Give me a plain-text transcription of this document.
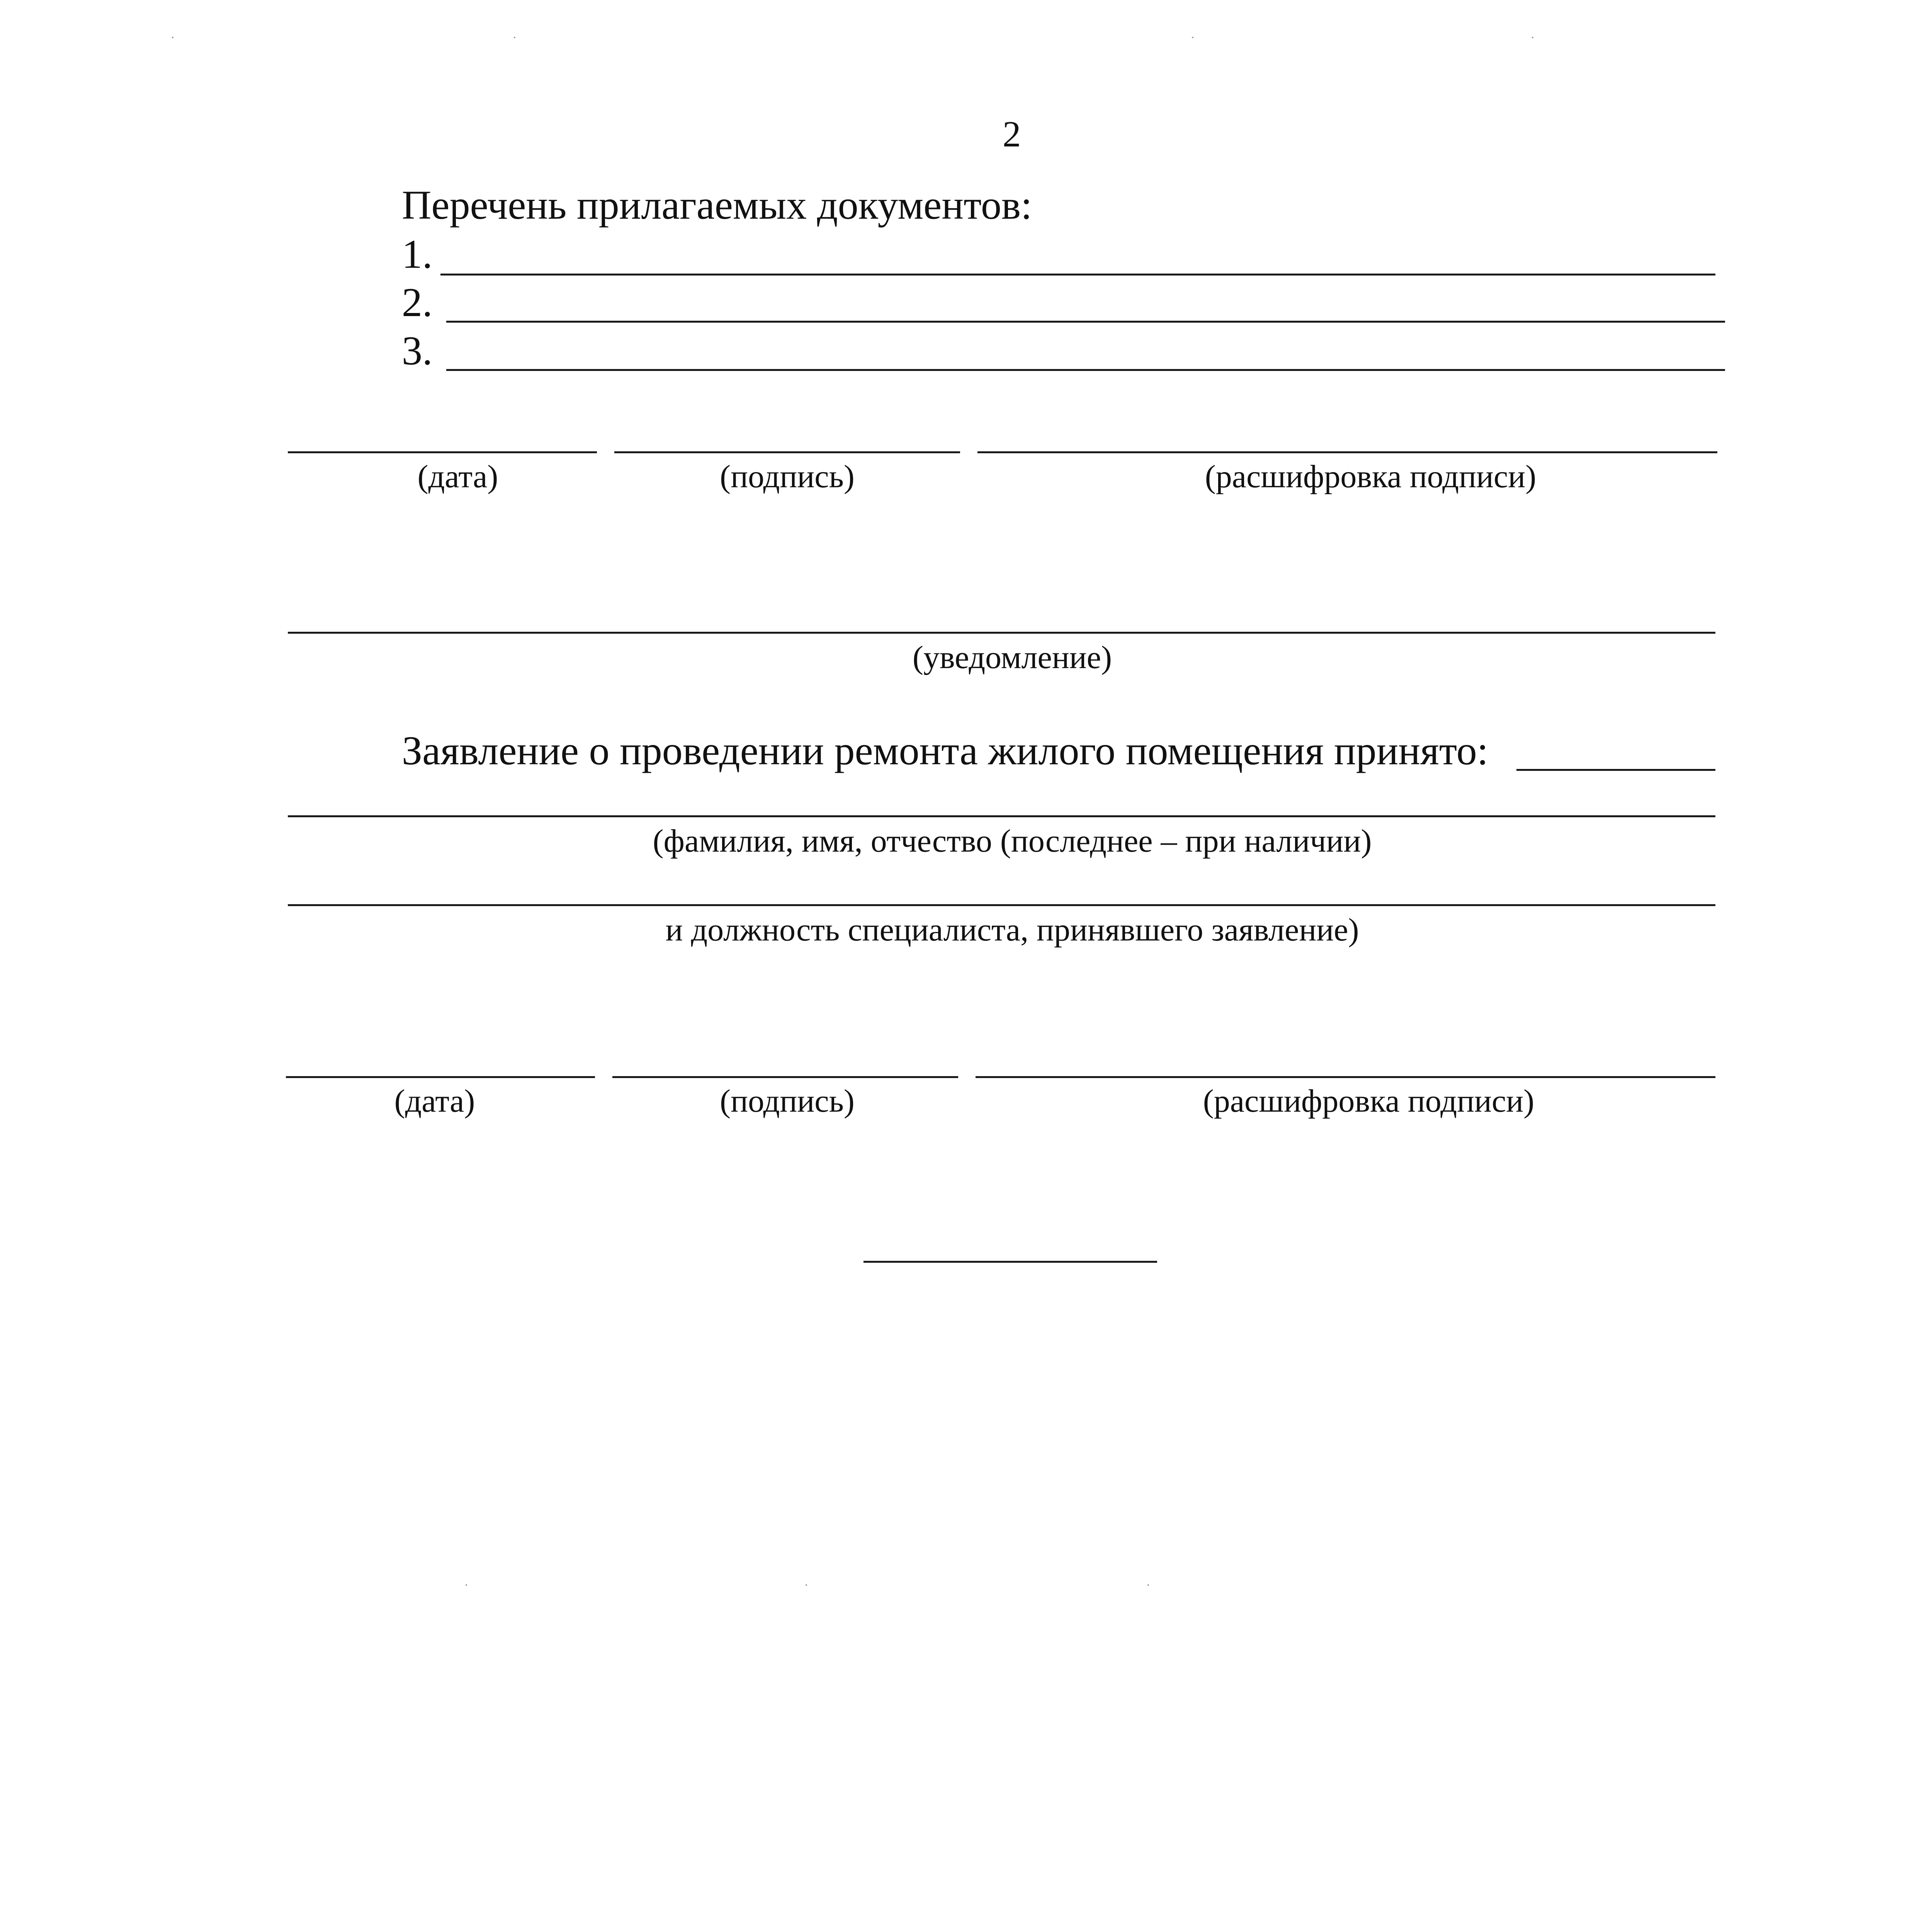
2
Перечень прилагаемых документов:
1.
2.
3.
(дата)	(подпись)	(расшифровка подписи)
(уведомление)
Заявление о проведении ремонта жилого помещения принято:
(фамилия, имя, отчество (последнее – при наличии)
и должность специалиста, принявшего заявление)
(дата)	(подпись)	(расшифровка подписи)
